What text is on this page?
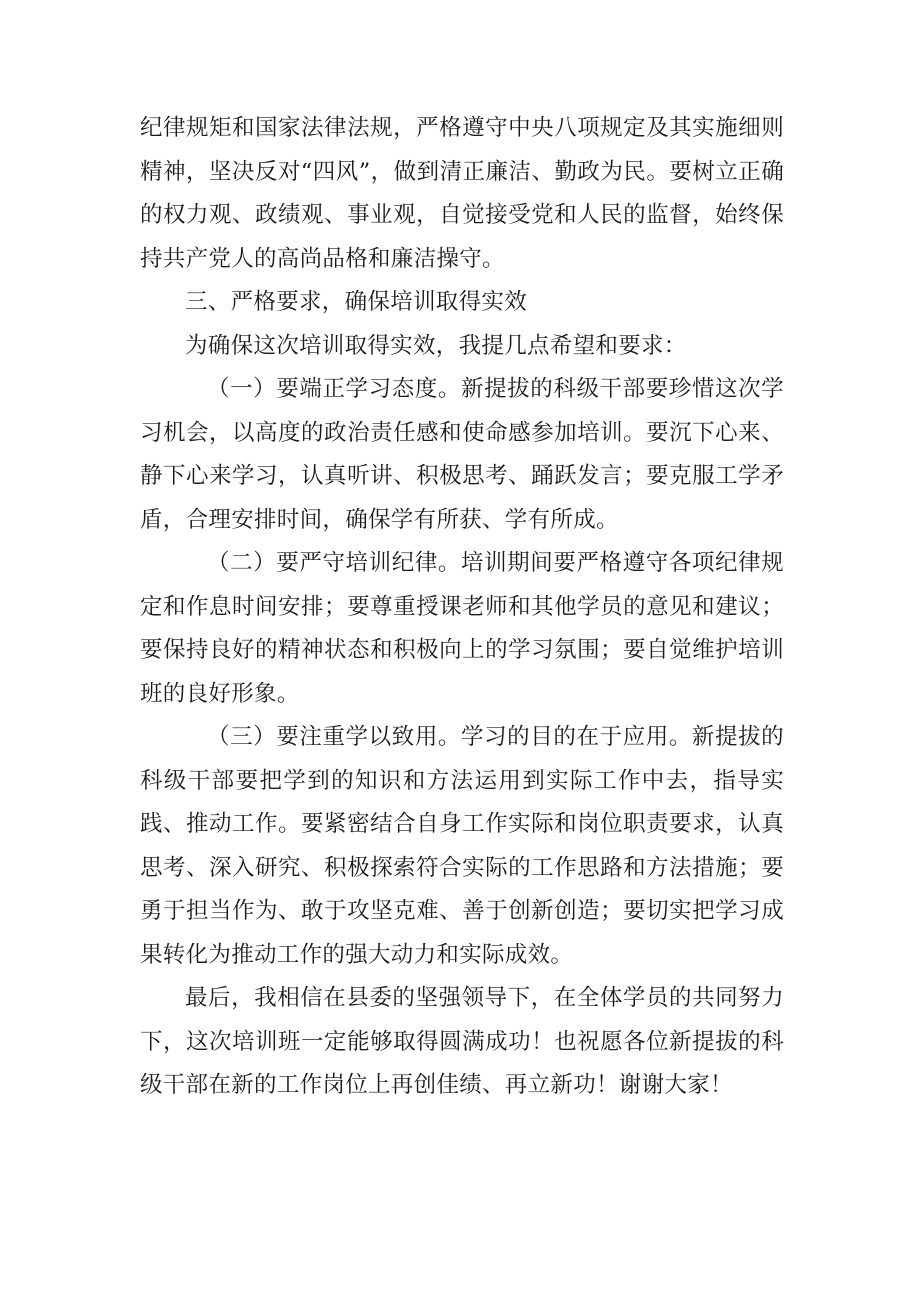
纪律规矩和国家法律法规，严格遵守中央八项规定及其实施细则精神，坚决反对“四风”，做到清正廉洁、勤政为民。要树立正确的权力观、政绩观、事业观，自觉接受党和人民的监督，始终保持共产党人的高尚品格和廉洁操守。

三、严格要求，确保培训取得实效

为确保这次培训取得实效，我提几点希望和要求：

（一）要端正学习态度。新提拔的科级干部要珍惜这次学习机会，以高度的政治责任感和使命感参加培训。要沉下心来、静下心来学习，认真听讲、积极思考、踊跃发言；要克服工学矛盾，合理安排时间，确保学有所获、学有所成。

（二）要严守培训纪律。培训期间要严格遵守各项纪律规定和作息时间安排；要尊重授课老师和其他学员的意见和建议；要保持良好的精神状态和积极向上的学习氛围；要自觉维护培训班的良好形象。

（三）要注重学以致用。学习的目的在于应用。新提拔的科级干部要把学到的知识和方法运用到实际工作中去，指导实践、推动工作。要紧密结合自身工作实际和岗位职责要求，认真思考、深入研究、积极探索符合实际的工作思路和方法措施；要勇于担当作为、敢于攻坚克难、善于创新创造；要切实把学习成果转化为推动工作的强大动力和实际成效。

最后，我相信在县委的坚强领导下，在全体学员的共同努力下，这次培训班一定能够取得圆满成功！也祝愿各位新提拔的科级干部在新的工作岗位上再创佳绩、再立新功！谢谢大家！
